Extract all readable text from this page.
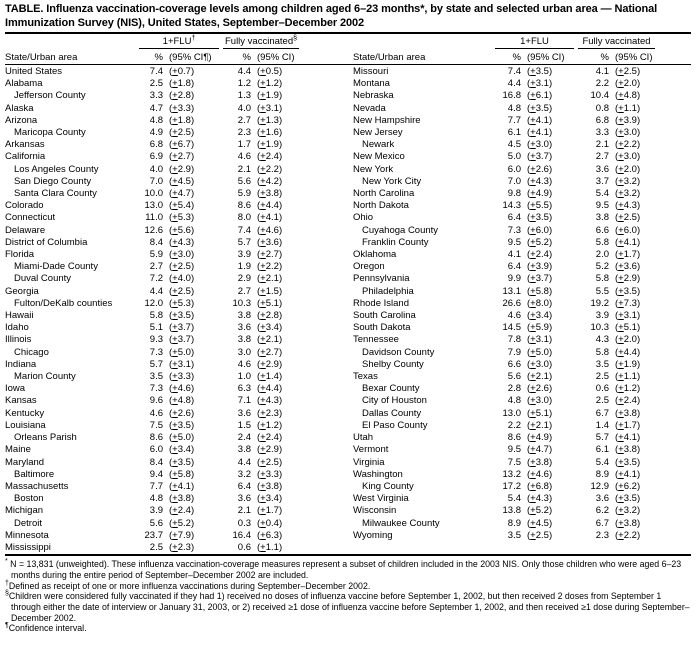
TABLE. Influenza vaccination-coverage levels among children aged 6–23 months*, by state and selected urban area — National Immunization Survey (NIS), United States, September–December 2002
State/Urban area	1+FLU†		Fully vaccinated§

	%	(95% CI¶)	%	(95% CI)	State/Urban area	1+FLU		Fully vaccinated	

	%	(95% CI)	%	(95% CI)
United States	7.4	(+0.7)	4.4	(+0.5)
Alabama	2.5	(+1.8)	1.2	(+1.2)
Jefferson County	3.3	(+2.8)	1.3	(+1.9)
Alaska	4.7	(+3.3)	4.0	(+3.1)
Arizona	4.8	(+1.8)	2.7	(+1.3)
Maricopa County	4.9	(+2.5)	2.3	(+1.6)
Arkansas	6.8	(+6.7)	1.7	(+1.9)
California	6.9	(+2.7)	4.6	(+2.4)
Los Angeles County	4.0	(+2.9)	2.1	(+2.2)
San Diego County	7.0	(+4.5)	5.6	(+4.2)
Santa Clara County	10.0	(+4.7)	5.9	(+3.8)
Colorado	13.0	(+5.4)	8.6	(+4.4)
Connecticut	11.0	(+5.3)	8.0	(+4.1)
Delaware	12.6	(+5.6)	7.4	(+4.6)
District of Columbia	8.4	(+4.3)	5.7	(+3.6)
Florida	5.9	(+3.0)	3.9	(+2.7)
Miami-Dade County	2.7	(+2.5)	1.9	(+2.2)
Duval County	7.2	(+4.0)	2.9	(+2.1)
Georgia	4.4	(+2.5)	2.7	(+1.5)
Fulton/DeKalb counties	12.0	(+5.3)	10.3	(+5.1)
Hawaii	5.8	(+3.5)	3.8	(+2.8)
Idaho	5.1	(+3.7)	3.6	(+3.4)
Illinois	9.3	(+3.7)	3.8	(+2.1)
Chicago	7.3	(+5.0)	3.0	(+2.7)
Indiana	5.7	(+3.1)	4.6	(+2.9)
Marion County	3.5	(+3.3)	1.0	(+1.4)
Iowa	7.3	(+4.6)	6.3	(+4.4)
Kansas	9.6	(+4.8)	7.1	(+4.3)
Kentucky	4.6	(+2.6)	3.6	(+2.3)
Louisiana	7.5	(+3.5)	1.5	(+1.2)
Orleans Parish	8.6	(+5.0)	2.4	(+2.4)
Maine	6.0	(+3.4)	3.8	(+2.9)
Maryland	8.4	(+3.5)	4.4	(+2.5)
Baltimore	9.4	(+5.8)	3.2	(+3.3)
Massachusetts	7.7	(+4.1)	6.4	(+3.8)
Boston	4.8	(+3.8)	3.6	(+3.4)
Michigan	3.9	(+2.4)	2.1	(+1.7)
Detroit	5.6	(+5.2)	0.3	(+0.4)
Minnesota	23.7	(+7.9)	16.4	(+6.3)
Mississippi	2.5	(+2.3)	0.6	(+1.1)
Missouri	7.4	(+3.5)	4.1	(+2.5)
Montana	4.4	(+3.1)	2.2	(+2.0)
Nebraska	16.8	(+6.1)	10.4	(+4.8)
Nevada	4.8	(+3.5)	0.8	(+1.1)
New Hampshire	7.7	(+4.1)	6.8	(+3.9)
New Jersey	6.1	(+4.1)	3.3	(+3.0)
Newark	4.5	(+3.0)	2.1	(+2.2)
New Mexico	5.0	(+3.7)	2.7	(+3.0)
New York	6.0	(+2.6)	3.6	(+2.0)
New York City	7.0	(+4.3)	3.7	(+3.2)
North Carolina	9.8	(+4.9)	5.4	(+3.2)
North Dakota	14.3	(+5.5)	9.5	(+4.3)
Ohio	6.4	(+3.5)	3.8	(+2.5)
Cuyahoga County	7.3	(+6.0)	6.6	(+6.0)
Franklin County	9.5	(+5.2)	5.8	(+4.1)
Oklahoma	4.1	(+2.4)	2.0	(+1.7)
Oregon	6.4	(+3.9)	5.2	(+3.6)
Pennsylvania	9.9	(+3.7)	5.8	(+2.9)
Philadelphia	13.1	(+5.8)	5.5	(+3.5)
Rhode Island	26.6	(+8.0)	19.2	(+7.3)
South Carolina	4.6	(+3.4)	3.9	(+3.1)
South Dakota	14.5	(+5.9)	10.3	(+5.1)
Tennessee	7.8	(+3.1)	4.3	(+2.0)
Davidson County	7.9	(+5.0)	5.8	(+4.4)
Shelby County	6.6	(+3.0)	3.5	(+1.9)
Texas	5.6	(+2.1)	2.5	(+1.1)
Bexar County	2.8	(+2.6)	0.6	(+1.2)
City of Houston	4.8	(+3.0)	2.5	(+2.4)
Dallas County	13.0	(+5.1)	6.7	(+3.8)
El Paso County	2.2	(+2.1)	1.4	(+1.7)
Utah	8.6	(+4.9)	5.7	(+4.1)
Vermont	9.5	(+4.7)	6.1	(+3.8)
Virginia	7.5	(+3.8)	5.4	(+3.5)
Washington	13.2	(+4.6)	8.9	(+4.1)
King County	17.2	(+6.8)	12.9	(+6.2)
West Virginia	5.4	(+4.3)	3.6	(+3.5)
Wisconsin	13.8	(+5.2)	6.2	(+3.2)
Milwaukee County	8.9	(+4.5)	6.7	(+3.8)
Wyoming	3.5	(+2.5)	2.3	(+2.2)
* N = 13,831 (unweighted). These influenza vaccination-coverage measures represent a subset of children included in the 2003 NIS. Only those children who were aged 6–23 months during the entire period of September–December 2002 are included.
†Defined as receipt of one or more influenza vaccinations during September–December 2002.
§Children were considered fully vaccinated if they had 1) received no doses of influenza vaccine before September 1, 2002, but then received 2 doses from September 1 through either the date of interview or January 31, 2003, or 2) received ≥1 dose of influenza vaccine before September 1, 2002, and then received ≥1 dose during September–December 2002.
¶Confidence interval.
